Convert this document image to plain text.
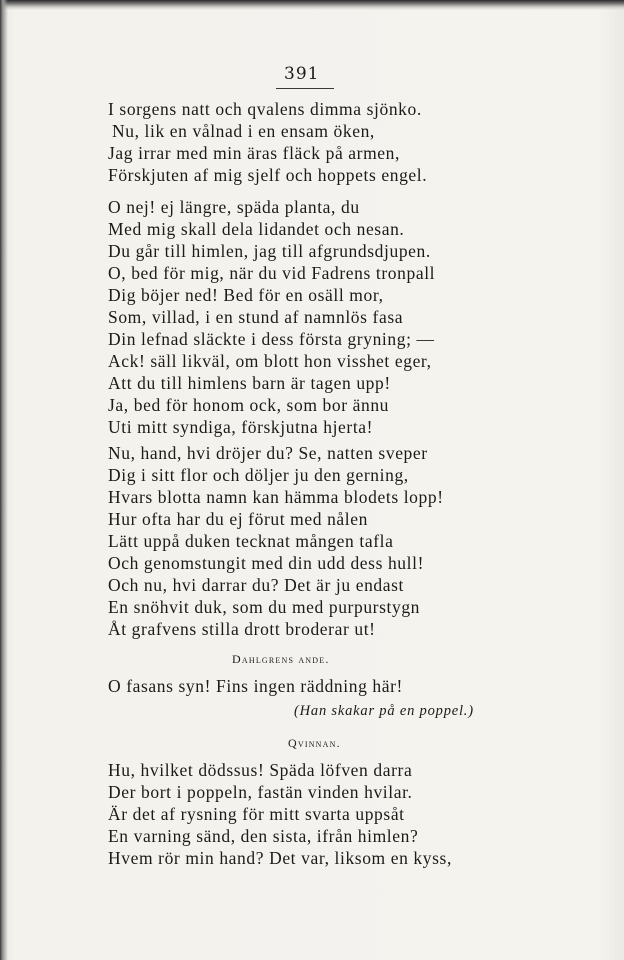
391
I sorgens natt och qvalens dimma sjönko.
Nu, lik en vålnad i en ensam öken,
Jag irrar med min äras fläck på armen,
Förskjuten af mig sjelf och hoppets engel.
O nej! ej längre, späda planta, du
Med mig skall dela lidandet och nesan.
Du går till himlen, jag till afgrundsdjupen.
O, bed för mig, när du vid Fadrens tronpall
Dig böjer ned! Bed för en osäll mor,
Som, villad, i en stund af namnlös fasa
Din lefnad släckte i dess första gryning; —
Ack! säll likväl, om blott hon visshet eger,
Att du till himlens barn är tagen upp!
Ja, bed för honom ock, som bor ännu
Uti mitt syndiga, förskjutna hjerta!
Nu, hand, hvi dröjer du? Se, natten sveper
Dig i sitt flor och döljer ju den gerning,
Hvars blotta namn kan hämma blodets lopp!
Hur ofta har du ej förut med nålen
Lätt uppå duken tecknat mången tafla
Och genomstungit med din udd dess hull!
Och nu, hvi darrar du? Det är ju endast
En snöhvit duk, som du med purpurstygn
Åt grafvens stilla drott broderar ut!
Dahlgrens ande.
O fasans syn! Fins ingen räddning här!
(Han skakar på en poppel.)
Qvinnan.
Hu, hvilket dödssus! Späda löfven darra
Der bort i poppeln, fastän vinden hvilar.
Är det af rysning för mitt svarta uppsåt
En varning sänd, den sista, ifrån himlen?
Hvem rör min hand? Det var, liksom en kyss,
